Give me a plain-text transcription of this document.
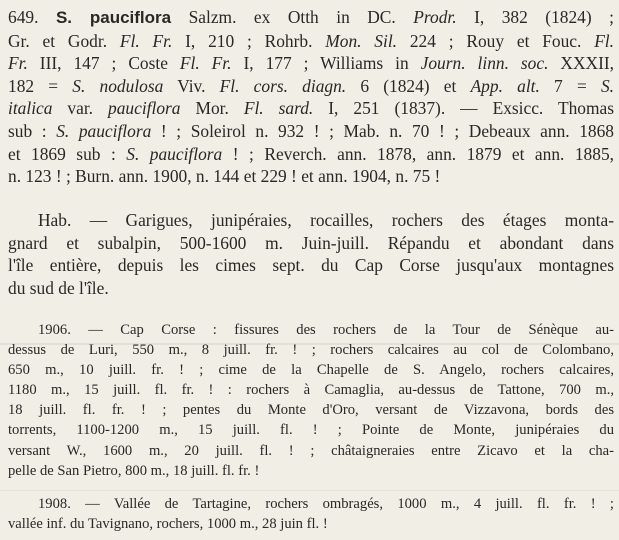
649. S. pauciflora Salzm. ex Otth in DC. Prodr. I, 382 (1824) ;
Gr. et Godr. Fl. Fr. I, 210 ; Rohrb. Mon. Sil. 224 ; Rouy et Fouc. Fl.
Fr. III, 147 ; Coste Fl. Fr. I, 177 ; Williams in Journ. linn. soc. XXXII,
182 = S. nodulosa Viv. Fl. cors. diagn. 6 (1824) et App. alt. 7 = S.
italica var. pauciflora Mor. Fl. sard. I, 251 (1837). — Exsicc. Thomas
sub : S. pauciflora ! ; Soleirol n. 932 ! ; Mab. n. 70 ! ; Debeaux ann. 1868
et 1869 sub : S. pauciflora ! ; Reverch. ann. 1878, ann. 1879 et ann. 1885,
n. 123 ! ; Burn. ann. 1900, n. 144 et 229 ! et ann. 1904, n. 75 !
Hab. — Garigues, junipéraies, rocailles, rochers des étages monta-
gnard et subalpin, 500-1600 m. Juin-juill. Répandu et abondant dans
l'île entière, depuis les cimes sept. du Cap Corse jusqu'aux montagnes
du sud de l'île.
1906. — Cap Corse : fissures des rochers de la Tour de Sénèque au-
dessus de Luri, 550 m., 8 juill. fr. ! ; rochers calcaires au col de Colombano,
650 m., 10 juill. fr. ! ; cime de la Chapelle de S. Angelo, rochers calcaires,
1180 m., 15 juill. fl. fr. ! : rochers à Camaglia, au-dessus de Tattone, 700 m.,
18 juill. fl. fr. ! ; pentes du Monte d'Oro, versant de Vizzavona, bords des
torrents, 1100-1200 m., 15 juill. fl. ! ; Pointe de Monte, junipéraies du
versant W., 1600 m., 20 juill. fl. ! ; châtaigneraies entre Zicavo et la cha-
pelle de San Pietro, 800 m., 18 juill. fl. fr. !
1908. — Vallée de Tartagine, rochers ombragés, 1000 m., 4 juill. fl. fr. ! ;
vallée inf. du Tavignano, rochers, 1000 m., 28 juin fl. !
